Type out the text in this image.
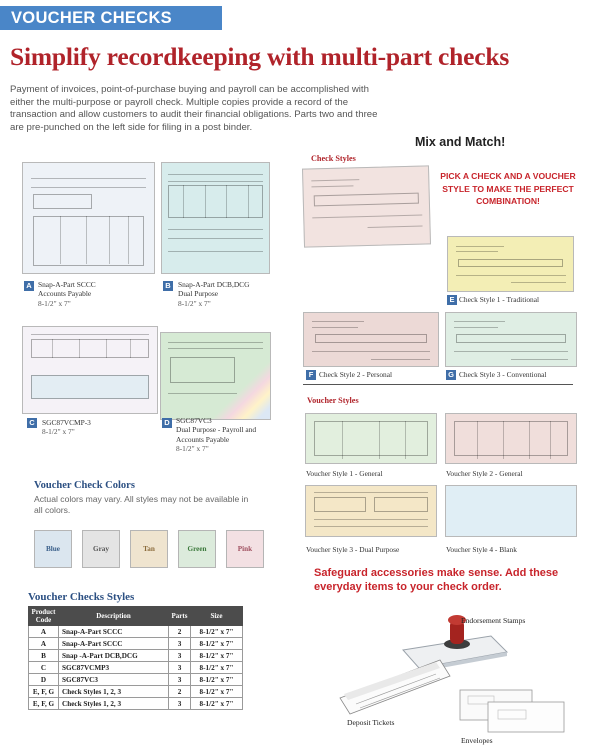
VOUCHER CHECKS
Simplify recordkeeping with multi-part checks
Payment of invoices, point-of-purchase buying and payroll can be accomplished with either the multi-purpose or payroll check. Multiple copies provide a record of the transaction and allow customers to audit their financial obligations. Parts two and three are pre-punched on the left side for filing in a post binder.
Mix and Match!
Check Styles
PICK A CHECK AND A VOUCHER STYLE TO MAKE THE PERFECT COMBINATION!
A Snap-A-Part SCCC
Accounts Payable
8-1/2" x 7"
B Snap-A-Part DCB,DCG
Dual Purpose
8-1/2" x 7"
C SGC87VCMP-3
8-1/2" x 7"
D SGC87VC3
Dual Purpose - Payroll and Accounts Payable
8-1/2" x 7"
E Check Style 1 - Traditional
F Check Style 2 - Personal	G Check Style 3 - Conventional
Voucher Styles
Voucher Style 1 - General	Voucher Style 2 - General
Voucher Style 3 - Dual Purpose	Voucher Style 4 - Blank
Voucher Check Colors
Actual colors may vary. All styles may not be available in all colors.
Blue	Gray	Tan	Green	Pink
Voucher Checks Styles
Product Code	Description	Parts	Size
A	Snap-A-Part SCCC	2	8-1/2" x 7"
A	Snap-A-Part SCCC	3	8-1/2" x 7"
B	Snap -A-Part DCB,DCG	3	8-1/2" x 7"
C	SGC87VCMP3	3	8-1/2" x 7"
D	SGC87VC3	3	8-1/2" x 7"
E, F, G	Check Styles 1, 2, 3	2	8-1/2" x 7"
E, F, G	Check Styles 1, 2, 3	3	8-1/2" x 7"
Safeguard accessories make sense. Add these everyday items to your check order.
Endorsement Stamps
Deposit Tickets
Envelopes
